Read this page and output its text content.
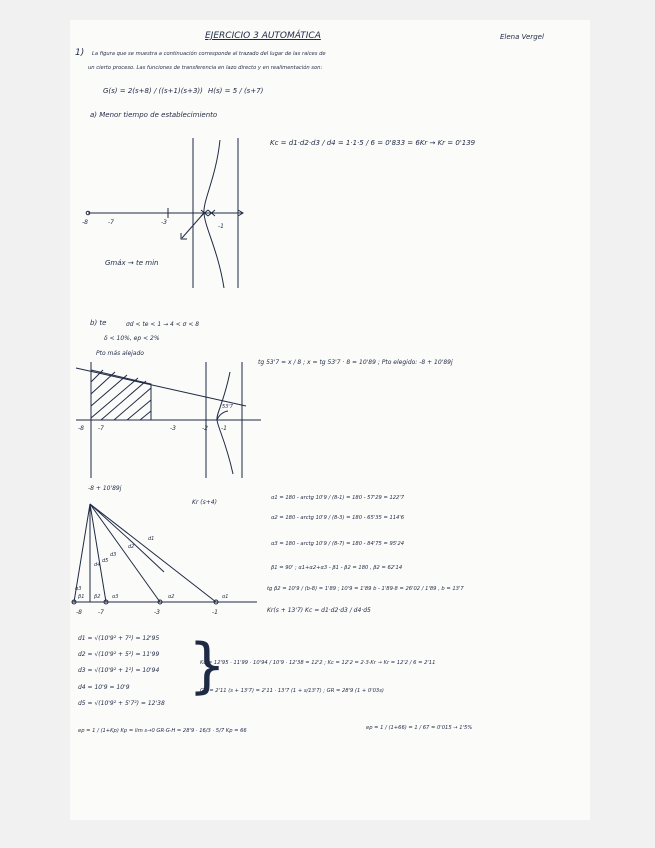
EJERCICIO 3 AUTOMÁTICA	Elena Vergel
1) La figura que se muestra a continuación corresponde al trazado del lugar de las raíces de
un cierto proceso. Las funciones de transferencia en lazo directo y en realimentación son:
G(s) = 2(s+8) / ((s+1)(s+3)) H(s) = 5 / (s+7)
a) Menor tiempo de establecimiento
Kc = d1·d2·d3 / d4 = 1·1·5 / 6 = 0'833 = 6Kr → Kr = 0'139
-8	-7	-3
-1
Gmáx → te min
b) te	σd < te < 1 → 4 < σ < 8
δ < 10%, ep < 2%
Pto más alejado
tg 53'7 = x / 8 ; x = tg 53'7 · 8 = 10'89 ; Pto elegido: -8 + 10'89j
-8 -7	-3	-2 -1
53'7
-8 + 10'89j
Kr (s+4)
α1 = 180 - arctg 10'9 / (8-1) = 180 - 57'29 = 122'7
α2 = 180 - arctg 10'9 / (8-3) = 180 - 65'35 = 114'6
α3 = 180 - arctg 10'9 / (8-7) = 180 - 84'75 = 95'24
β1 = 90' ; α1+α2+α3 - β1 - β2 = 180 , β2 = 62'14
tg β2 = 10'9 / (b-8) = 1'89 ; 10'9 = 1'89 b - 1'89·8 = 26'02 / 1'89 , b = 13'7
Kr(s + 13'7) Kc = d1·d2·d3 / d4·d5
α3
d4
d5
d3
d2
d1
β1 β2 α3	α2	α1
-8	-7	-3	-1
d1 = √(10'9² + 7²) = 12'95
d2 = √(10'9² + 5²) = 11'99
d3 = √(10'9² + 1²) = 10'94
d4 = 10'9 = 10'9
d5 = √(10'9² + 5'7²) = 12'38
}
Kc = 12'95 · 11'99 · 10'94 / 10'9 · 12'38 = 12'2 ; Kc = 12'2 = 2·3·Kr → Kr = 12'2 / 6 = 2'11
GR = 2'11 (s + 13'7) = 2'11 · 13'7 (1 + s/13'7) ; GR = 28'9 (1 + 0'03s)
ep = 1 / (1+Kp) Kp = lim s→0 GR·G·H = 28'9 · 16/3 · 5/7 Kp = 66	ep = 1 / (1+66) = 1 / 67 = 0'015 → 1'5%
